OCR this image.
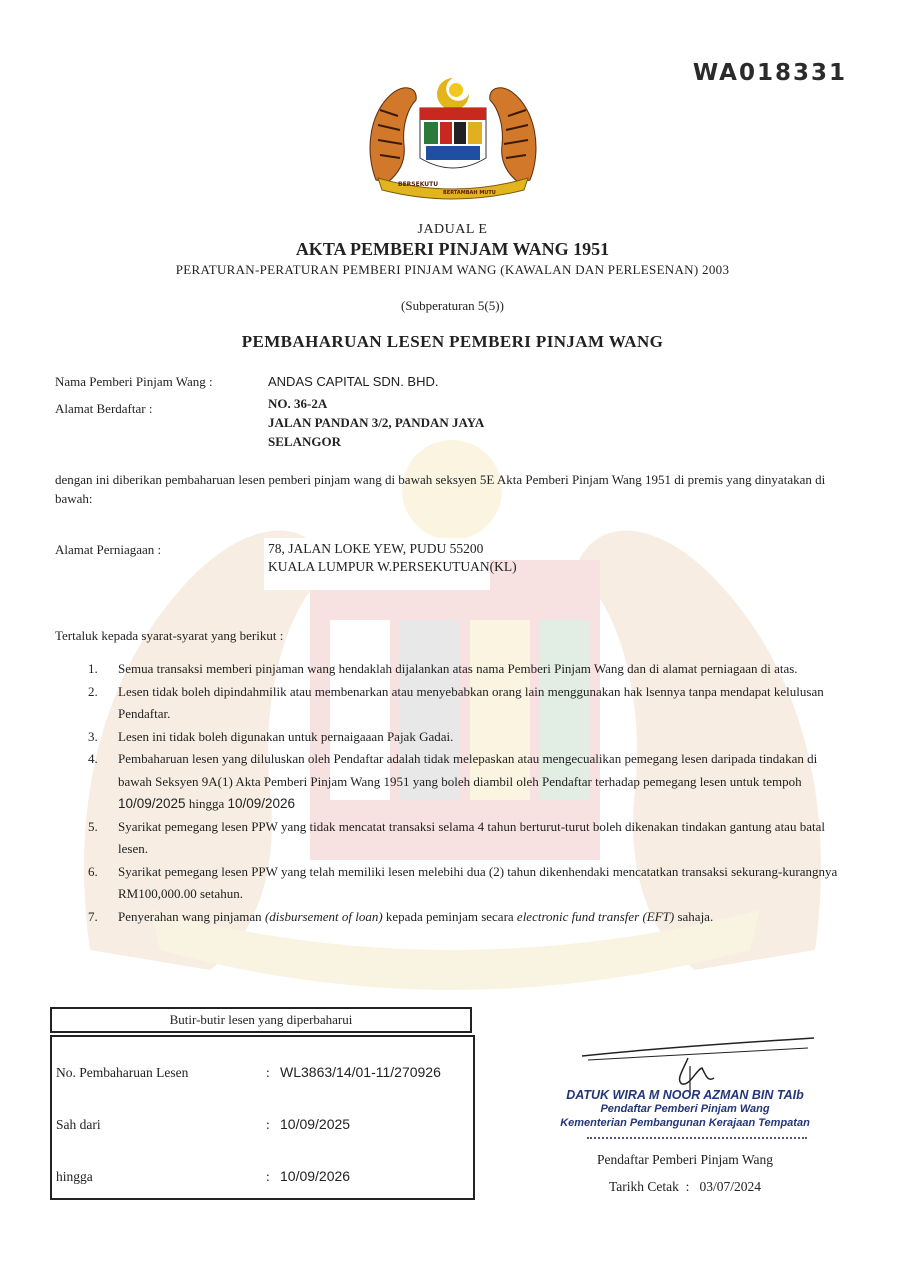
WA018331
BERSEKUTU
BERTAMBAH MUTU
JADUAL E
AKTA PEMBERI PINJAM WANG 1951
PERATURAN-PERATURAN PEMBERI PINJAM WANG (KAWALAN DAN PERLESENAN) 2003
(Subperaturan 5(5))
PEMBAHARUAN LESEN PEMBERI PINJAM WANG
Nama Pemberi Pinjam Wang :	ANDAS CAPITAL SDN. BHD.
Alamat Berdaftar :	NO. 36-2A
JALAN PANDAN 3/2, PANDAN JAYA
SELANGOR
dengan ini diberikan pembaharuan lesen pemberi pinjam wang di bawah seksyen 5E Akta Pemberi Pinjam Wang 1951 di premis yang dinyatakan di bawah:
Alamat Perniagaan :	78, JALAN LOKE YEW, PUDU 55200
KUALA LUMPUR W.PERSEKUTUAN(KL)
Tertaluk kepada syarat-syarat yang berikut :
1. Semua transaksi memberi pinjaman wang hendaklah dijalankan atas nama Pemberi Pinjam Wang dan di alamat perniagaan di atas.
2. Lesen tidak boleh dipindahmilik atau membenarkan atau menyebabkan orang lain menggunakan hak lsennya tanpa mendapat kelulusan Pendaftar.
3. Lesen ini tidak boleh digunakan untuk pernaigaaan Pajak Gadai.
4. Pembaharuan lesen yang diluluskan oleh Pendaftar adalah tidak melepaskan atau mengecualikan pemegang lesen daripada tindakan di bawah Seksyen 9A(1) Akta Pemberi Pinjam Wang 1951 yang boleh diambil oleh Pendaftar terhadap pemegang lesen untuk tempoh 10/09/2025 hingga 10/09/2026
5. Syarikat pemegang lesen PPW yang tidak mencatat transaksi selama 4 tahun berturut-turut boleh dikenakan tindakan gantung atau batal lesen.
6. Syarikat pemegang lesen PPW yang telah memiliki lesen melebihi dua (2) tahun dikenhendaki mencatatkan transaksi sekurang-kurangnya RM100,000.00 setahun.
7. Penyerahan wang pinjaman (disbursement of loan) kepada peminjam secara electronic fund transfer (EFT) sahaja.
Butir-butir lesen yang diperbaharui
No. Pembaharuan Lesen	: WL3863/14/01-11/270926
Sah dari	: 10/09/2025
hingga	: 10/09/2026
DATUK WIRA M NOOR AZMAN BIN TAIb
Pendaftar Pemberi Pinjam Wang
Kementerian Pembangunan Kerajaan Tempatan
Pendaftar Pemberi Pinjam Wang
Tarikh Cetak  :   03/07/2024
